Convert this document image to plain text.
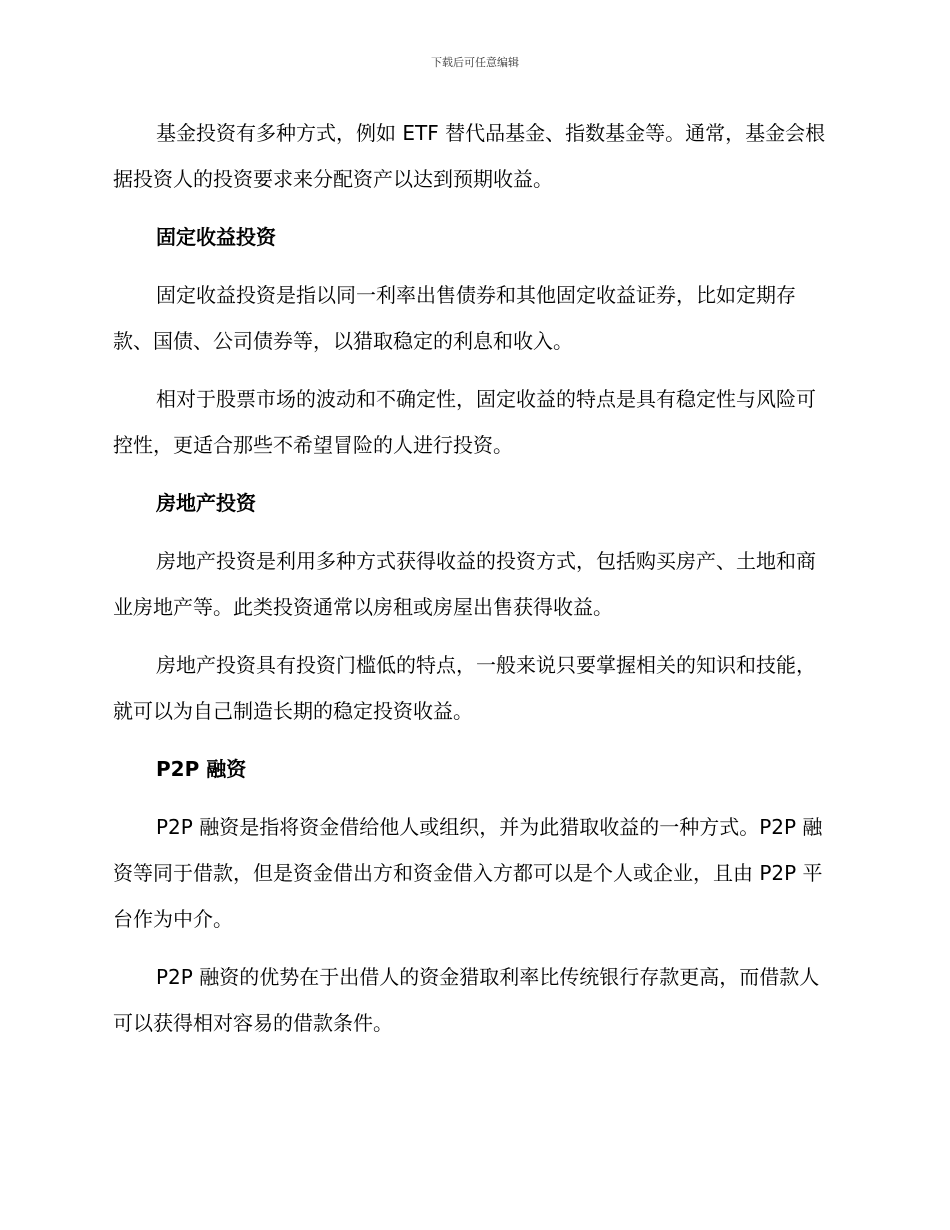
下载后可任意编辑

基金投资有多种方式，例如 ETF 替代品基金、指数基金等。通常，基金会根据投资人的投资要求来分配资产以达到预期收益。

固定收益投资

固定收益投资是指以同一利率出售债券和其他固定收益证券，比如定期存款、国债、公司债券等，以猎取稳定的利息和收入。

相对于股票市场的波动和不确定性，固定收益的特点是具有稳定性与风险可控性，更适合那些不希望冒险的人进行投资。

房地产投资

房地产投资是利用多种方式获得收益的投资方式，包括购买房产、土地和商业房地产等。此类投资通常以房租或房屋出售获得收益。

房地产投资具有投资门槛低的特点，一般来说只要掌握相关的知识和技能，就可以为自己制造长期的稳定投资收益。

P2P 融资

P2P 融资是指将资金借给他人或组织，并为此猎取收益的一种方式。P2P 融资等同于借款，但是资金借出方和资金借入方都可以是个人或企业，且由 P2P 平台作为中介。

P2P 融资的优势在于出借人的资金猎取利率比传统银行存款更高，而借款人可以获得相对容易的借款条件。
